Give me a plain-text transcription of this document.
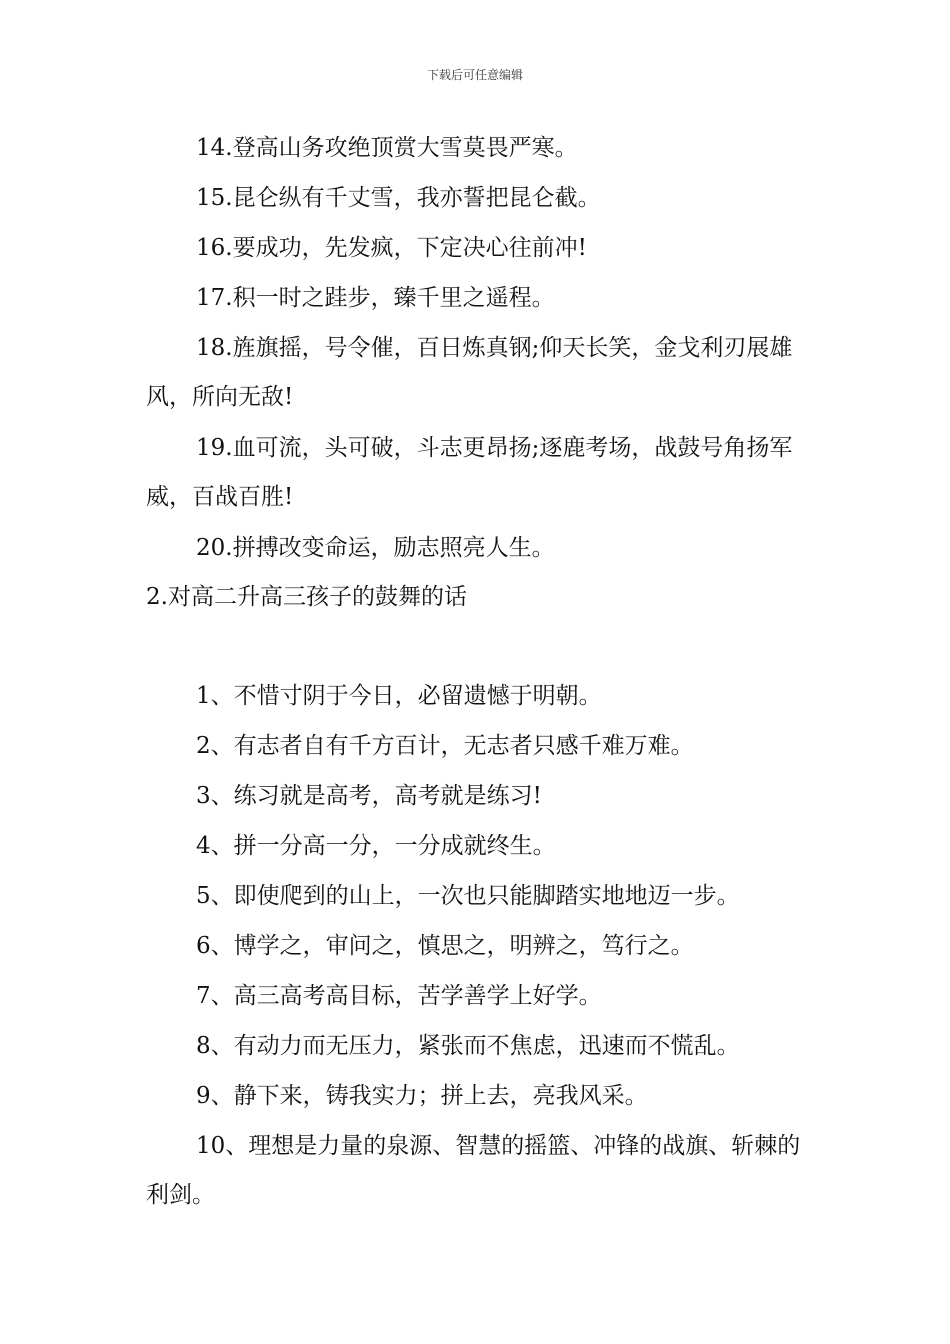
下载后可任意编辑

14.登高山务攻绝顶赏大雪莫畏严寒。

15.昆仑纵有千丈雪，我亦誓把昆仑截。

16.要成功，先发疯，下定决心往前冲!

17.积一时之跬步，臻千里之遥程。

18.旌旗摇，号令催，百日炼真钢;仰天长笑，金戈利刃展雄风，所向无敌!

19.血可流，头可破，斗志更昂扬;逐鹿考场，战鼓号角扬军威，百战百胜!

20.拼搏改变命运，励志照亮人生。

2.对高二升高三孩子的鼓舞的话

1、不惜寸阴于今日，必留遗憾于明朝。

2、有志者自有千方百计，无志者只感千难万难。

3、练习就是高考，高考就是练习!

4、拼一分高一分，一分成就终生。

5、即使爬到的山上，一次也只能脚踏实地地迈一步。

6、博学之，审问之，慎思之，明辨之，笃行之。

7、高三高考高目标，苦学善学上好学。

8、有动力而无压力，紧张而不焦虑，迅速而不慌乱。

9、静下来，铸我实力；拼上去，亮我风采。

10、理想是力量的泉源、智慧的摇篮、冲锋的战旗、斩棘的利剑。
